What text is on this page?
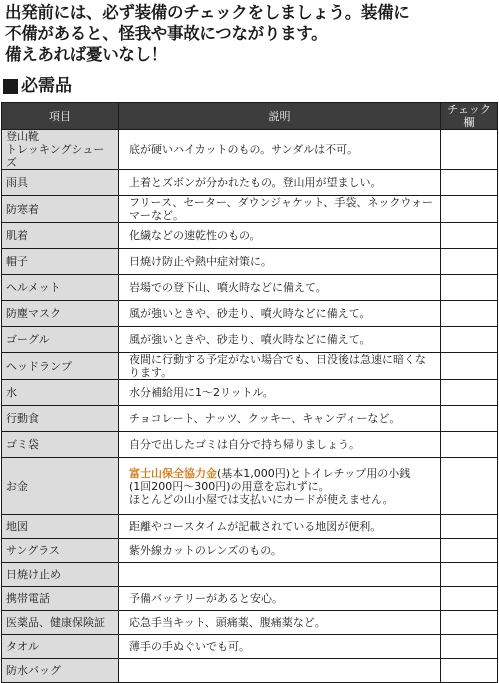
出発前には、必ず装備のチェックをしましょう。装備に
不備があると、怪我や事故につながります。
備えあれば憂いなし！
必需品
項目	説明	チェック欄

登山靴
トレッキングシューズ	底が硬いハイカットのもの。サンダルは不可。	
雨具	上着とズボンが分かれたもの。登山用が望ましい。	
防寒着	フリース、セーター、ダウンジャケット、手袋、ネックウォーマーなど。	
肌着	化繊などの速乾性のもの。	
帽子	日焼け防止や熱中症対策に。	
ヘルメット	岩場での登下山、噴火時などに備えて。	
防塵マスク	風が強いときや、砂走り、噴火時などに備えて。	
ゴーグル	風が強いときや、砂走り、噴火時などに備えて。	
ヘッドランプ	夜間に行動する予定がない場合でも、日没後は急速に暗くなります。	
水	水分補給用に1〜2リットル。	
行動食	チョコレート、ナッツ、クッキー、キャンディーなど。	
ゴミ袋	自分で出したゴミは自分で持ち帰りましょう。	
お金	富士山保全協力金(基本1,000円)とトイレチップ用の小銭
(1回200円〜300円)の用意を忘れずに。
ほとんどの山小屋では支払いにカードが使えません。	

地図	距離やコースタイムが記載されている地図が便利。	
サングラス	紫外線カットのレンズのもの。	
日焼け止め		
携帯電話	予備バッテリーがあると安心。	
医薬品、健康保険証	応急手当キット、頭痛薬、腹痛薬など。	
タオル	薄手の手ぬぐいでも可。	
防水バッグ		
